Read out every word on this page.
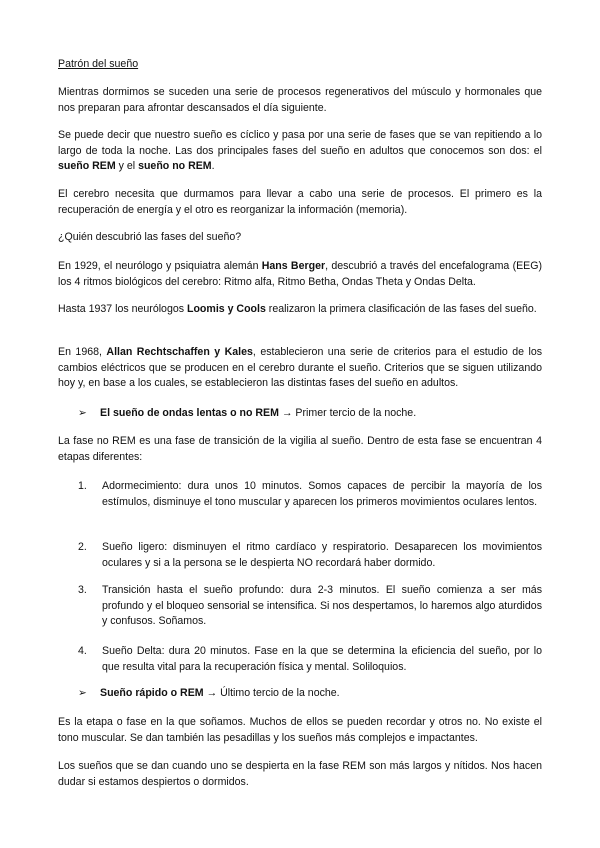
Patrón del sueño

Mientras dormimos se suceden una serie de procesos regenerativos del músculo y hormonales que nos preparan para afrontar descansados el día siguiente.

Se puede decir que nuestro sueño es cíclico y pasa por una serie de fases que se van repitiendo a lo largo de toda la noche. Las dos principales fases del sueño en adultos que conocemos son dos: el sueño REM y el sueño no REM.

El cerebro necesita que durmamos para llevar a cabo una serie de procesos. El primero es la recuperación de energía y el otro es reorganizar la información (memoria).

¿Quién descubrió las fases del sueño?

En 1929, el neurólogo y psiquiatra alemán Hans Berger, descubrió a través del encefalograma (EEG) los 4 ritmos biológicos del cerebro: Ritmo alfa, Ritmo Betha, Ondas Theta y Ondas Delta.

Hasta 1937 los neurólogos Loomis y Cools realizaron la primera clasificación de las fases del sueño.

En 1968, Allan Rechtschaffen y Kales, establecieron una serie de criterios para el estudio de los cambios eléctricos que se producen en el cerebro durante el sueño. Criterios que se siguen utilizando hoy y, en base a los cuales, se establecieron las distintas fases del sueño en adultos.

➢ El sueño de ondas lentas o no REM → Primer tercio de la noche.

La fase no REM es una fase de transición de la vigilia al sueño. Dentro de esta fase se encuentran 4 etapas diferentes:

1.	Adormecimiento: dura unos 10 minutos. Somos capaces de percibir la mayoría de los estímulos, disminuye el tono muscular y aparecen los primeros movimientos oculares lentos.
2.	Sueño ligero: disminuyen el ritmo cardíaco y respiratorio. Desaparecen los movimientos oculares y si a la persona se le despierta NO recordará haber dormido.
3.	Transición hasta el sueño profundo: dura 2-3 minutos. El sueño comienza a ser más profundo y el bloqueo sensorial se intensifica. Si nos despertamos, lo haremos algo aturdidos y confusos. Soñamos.
4.	Sueño Delta: dura 20 minutos. Fase en la que se determina la eficiencia del sueño, por lo que resulta vital para la recuperación física y mental. Soliloquios.

➢ Sueño rápido o REM → Último tercio de la noche.

Es la etapa o fase en la que soñamos. Muchos de ellos se pueden recordar y otros no. No existe el tono muscular. Se dan también las pesadillas y los sueños más complejos e impactantes.

Los sueños que se dan cuando uno se despierta en la fase REM son más largos y nítidos. Nos hacen dudar si estamos despiertos o dormidos.
